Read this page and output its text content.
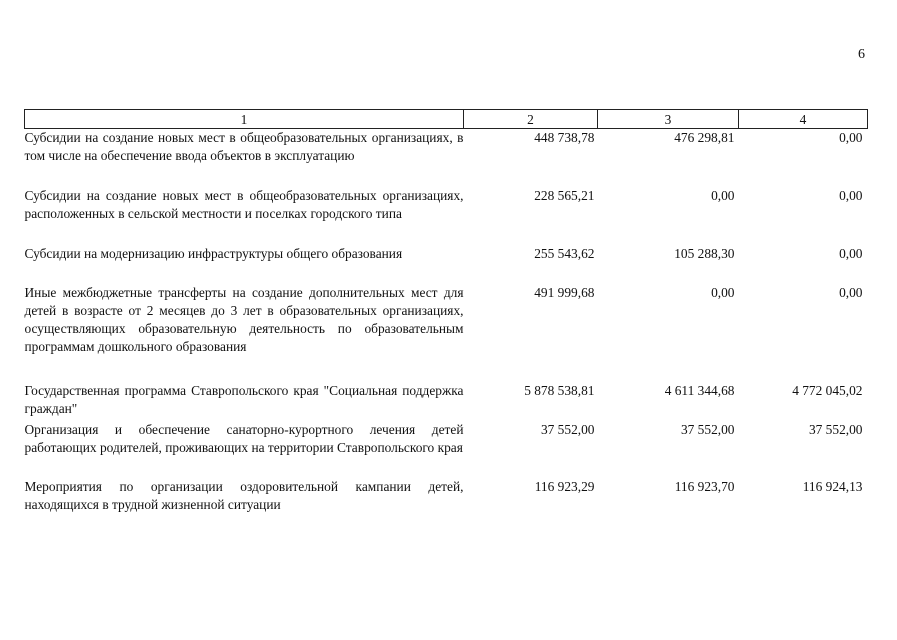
6
1	2	3	4
Субсидии на создание новых мест в общеобразовательных организациях, в том числе на обеспечение ввода объектов в эксплуатацию	448 738,78	476 298,81	0,00
Субсидии на создание новых мест в общеобразовательных организациях, расположенных в сельской местности и поселках городского типа	228 565,21	0,00	0,00
Субсидии на модернизацию инфраструктуры общего образования	255 543,62	105 288,30	0,00
Иные межбюджетные трансферты на создание дополнительных мест для детей в возрасте от 2 месяцев до 3 лет в образовательных организациях, осуществляющих образовательную деятельность по образовательным программам дошкольного образования	491 999,68	0,00	0,00
Государственная программа Ставропольского края "Социальная поддержка граждан"	5 878 538,81	4 611 344,68	4 772 045,02
Организация и обеспечение санаторно-курортного лечения детей работающих родителей, проживающих на территории Ставропольского края	37 552,00	37 552,00	37 552,00
Мероприятия по организации оздоровительной кампании детей, находящихся в трудной жизненной ситуации	116 923,29	116 923,70	116 924,13
